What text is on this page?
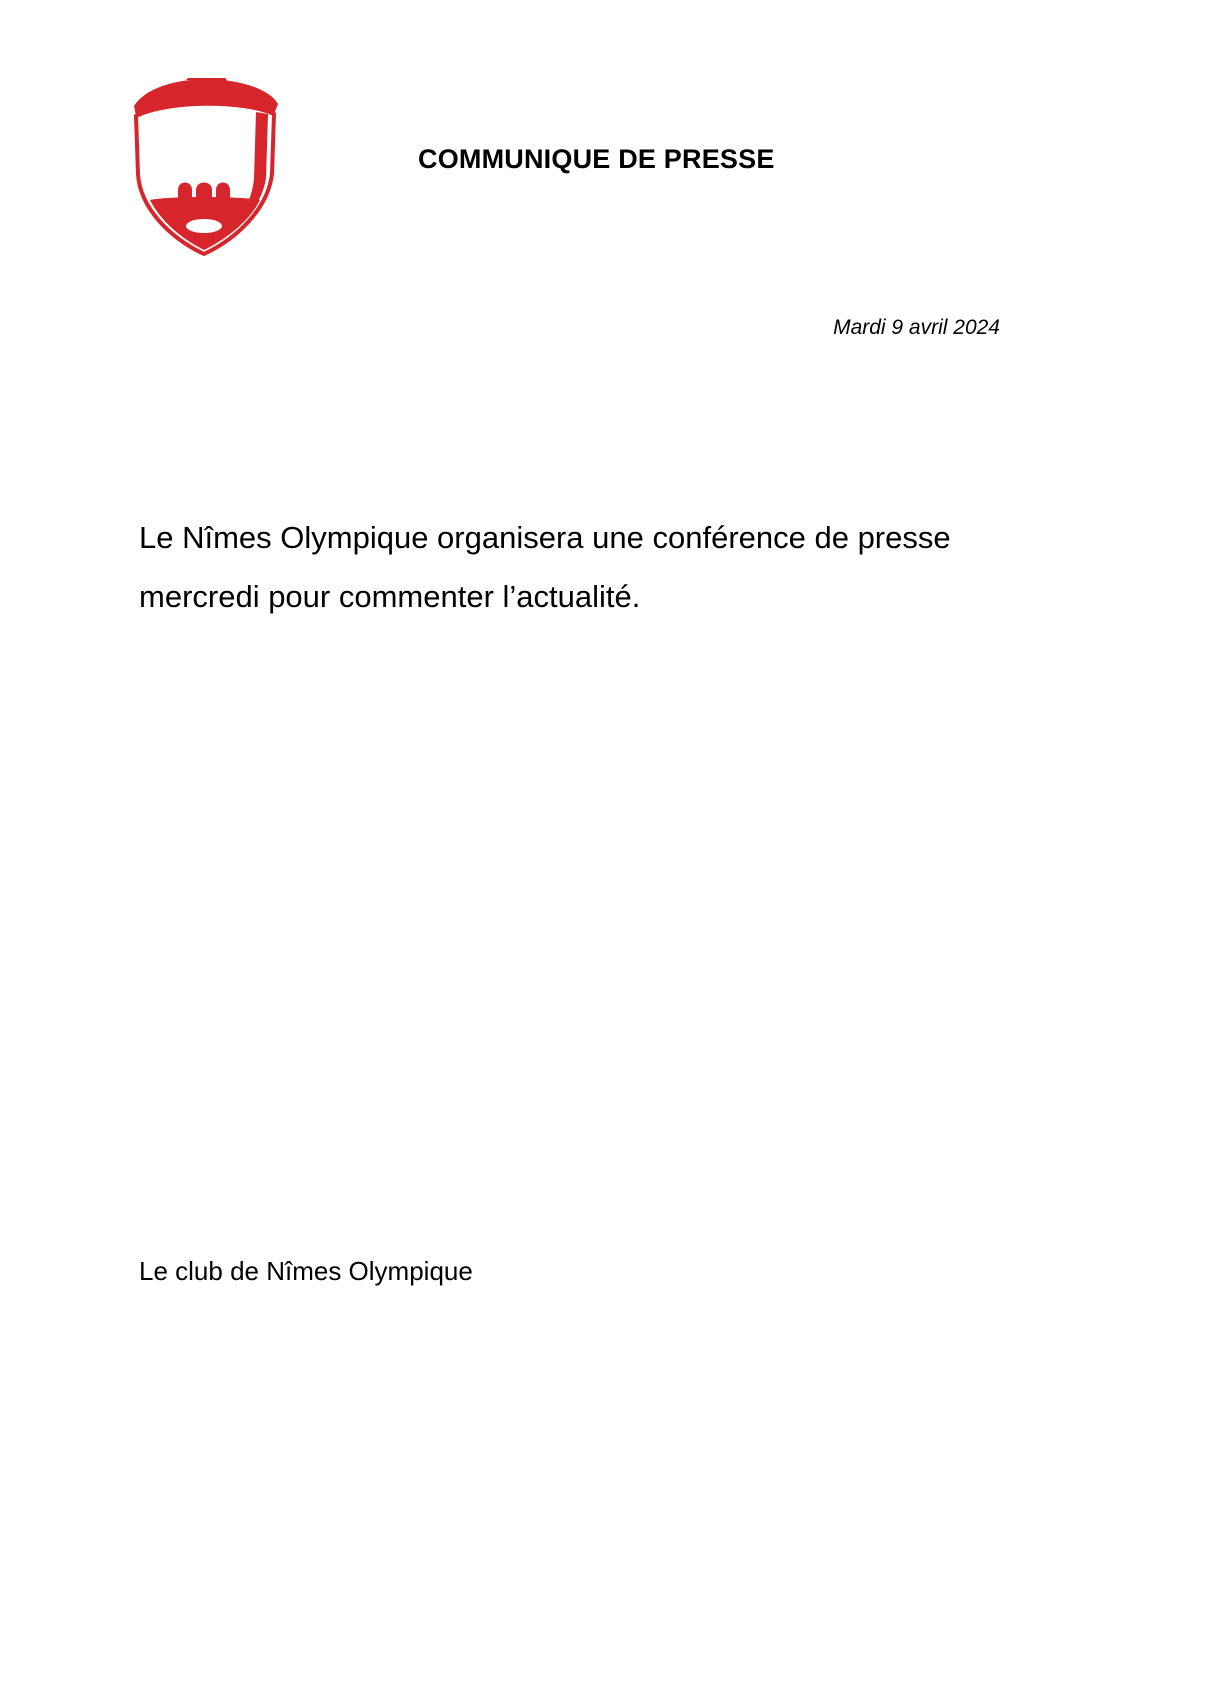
COMMUNIQUE DE PRESSE
Mardi 9 avril 2024
Le Nîmes Olympique organisera une conférence de presse mercredi pour commenter l’actualité.
Le club de Nîmes Olympique
